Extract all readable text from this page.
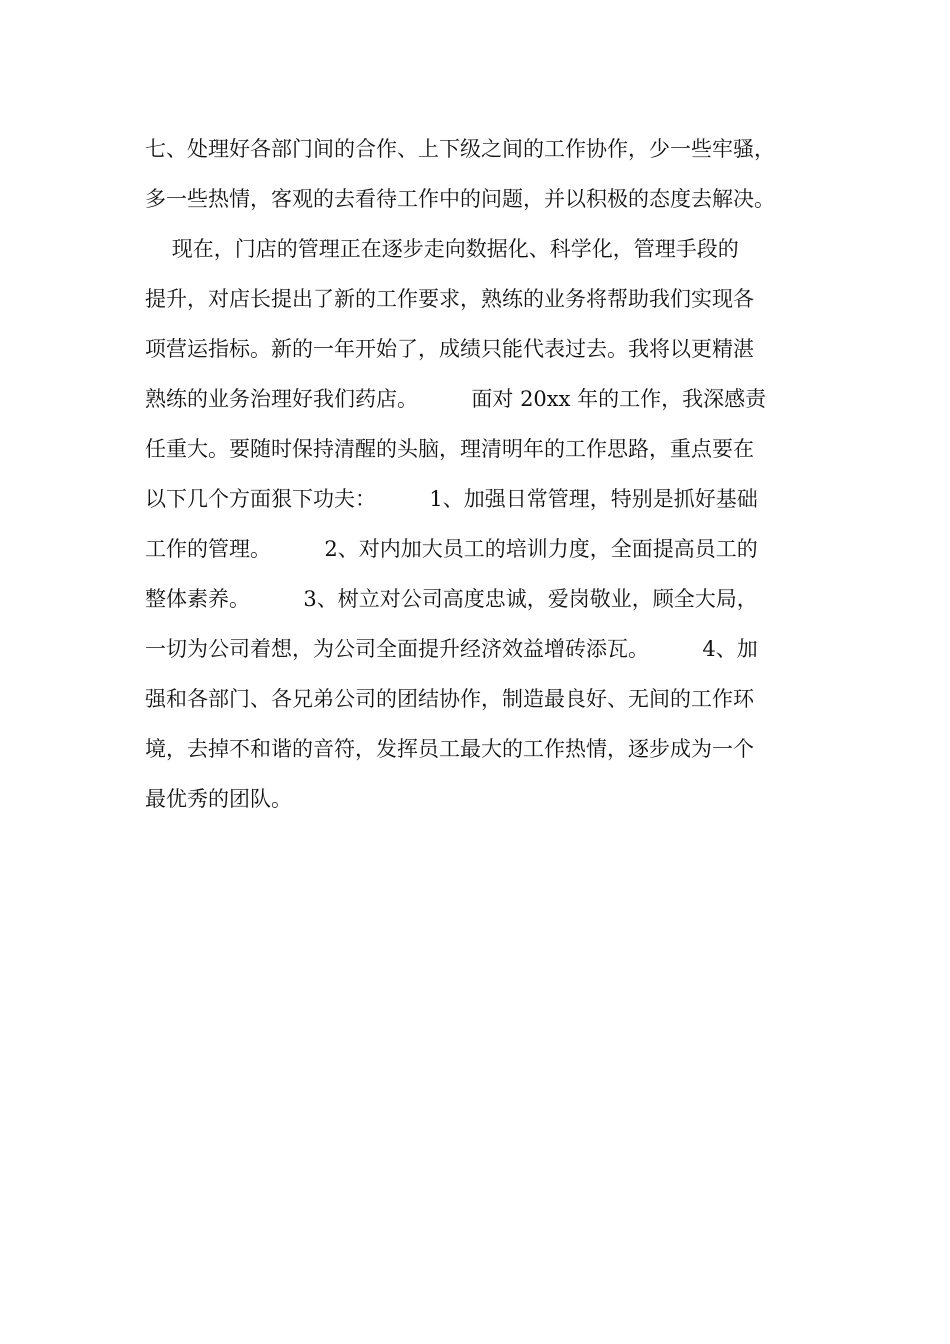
七、处理好各部门间的合作、上下级之间的工作协作，少一些牢骚，
多一些热情，客观的去看待工作中的问题，并以积极的态度去解决。
现在，门店的管理正在逐步走向数据化、科学化，管理手段的
提升，对店长提出了新的工作要求，熟练的业务将帮助我们实现各
项营运指标。新的一年开始了，成绩只能代表过去。我将以更精湛
熟练的业务治理好我们药店。        面对 20xx 年的工作，我深感责
任重大。要随时保持清醒的头脑，理清明年的工作思路，重点要在
以下几个方面狠下功夫：        1、加强日常管理，特别是抓好基础
工作的管理。        2、对内加大员工的培训力度，全面提高员工的
整体素养。        3、树立对公司高度忠诚，爱岗敬业，顾全大局，
一切为公司着想，为公司全面提升经济效益增砖添瓦。        4、加
强和各部门、各兄弟公司的团结协作，制造最良好、无间的工作环
境，去掉不和谐的音符，发挥员工最大的工作热情，逐步成为一个
最优秀的团队。
